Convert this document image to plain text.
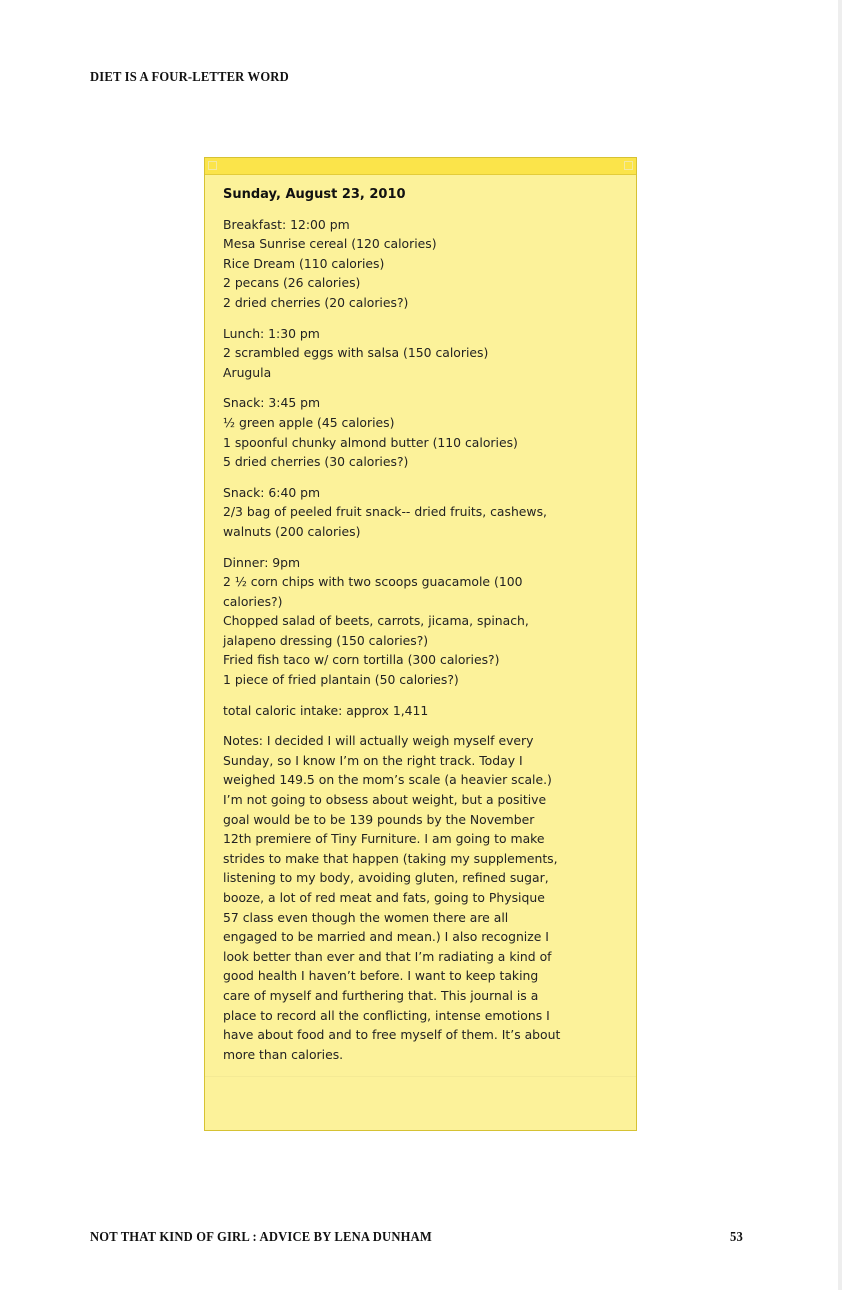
DIET IS A FOUR-LETTER WORD
Sunday, August 23, 2010
Breakfast: 12:00 pm
Mesa Sunrise cereal (120 calories)
Rice Dream (110 calories)
2 pecans (26 calories)
2 dried cherries (20 calories?)
Lunch: 1:30 pm
2 scrambled eggs with salsa (150 calories)
Arugula
Snack: 3:45 pm
½ green apple (45 calories)
1 spoonful chunky almond butter (110 calories)
5 dried cherries (30 calories?)
Snack: 6:40 pm
2/3 bag of peeled fruit snack-- dried fruits, cashews,
walnuts (200 calories)
Dinner: 9pm
2 ½ corn chips with two scoops guacamole (100
calories?)
Chopped salad of beets, carrots, jicama, spinach,
jalapeno dressing (150 calories?)
Fried fish taco w/ corn tortilla (300 calories?)
1 piece of fried plantain (50 calories?)
total caloric intake: approx 1,411
Notes: I decided I will actually weigh myself every
Sunday, so I know I’m on the right track. Today I
weighed 149.5 on the mom’s scale (a heavier scale.)
I’m not going to obsess about weight, but a positive
goal would be to be 139 pounds by the November
12th premiere of Tiny Furniture. I am going to make
strides to make that happen (taking my supplements,
listening to my body, avoiding gluten, refined sugar,
booze, a lot of red meat and fats, going to Physique
57 class even though the women there are all
engaged to be married and mean.) I also recognize I
look better than ever and that I’m radiating a kind of
good health I haven’t before. I want to keep taking
care of myself and furthering that. This journal is a
place to record all the conflicting, intense emotions I
have about food and to free myself of them. It’s about
more than calories.
NOT THAT KIND OF GIRL : ADVICE BY LENA DUNHAM	53
